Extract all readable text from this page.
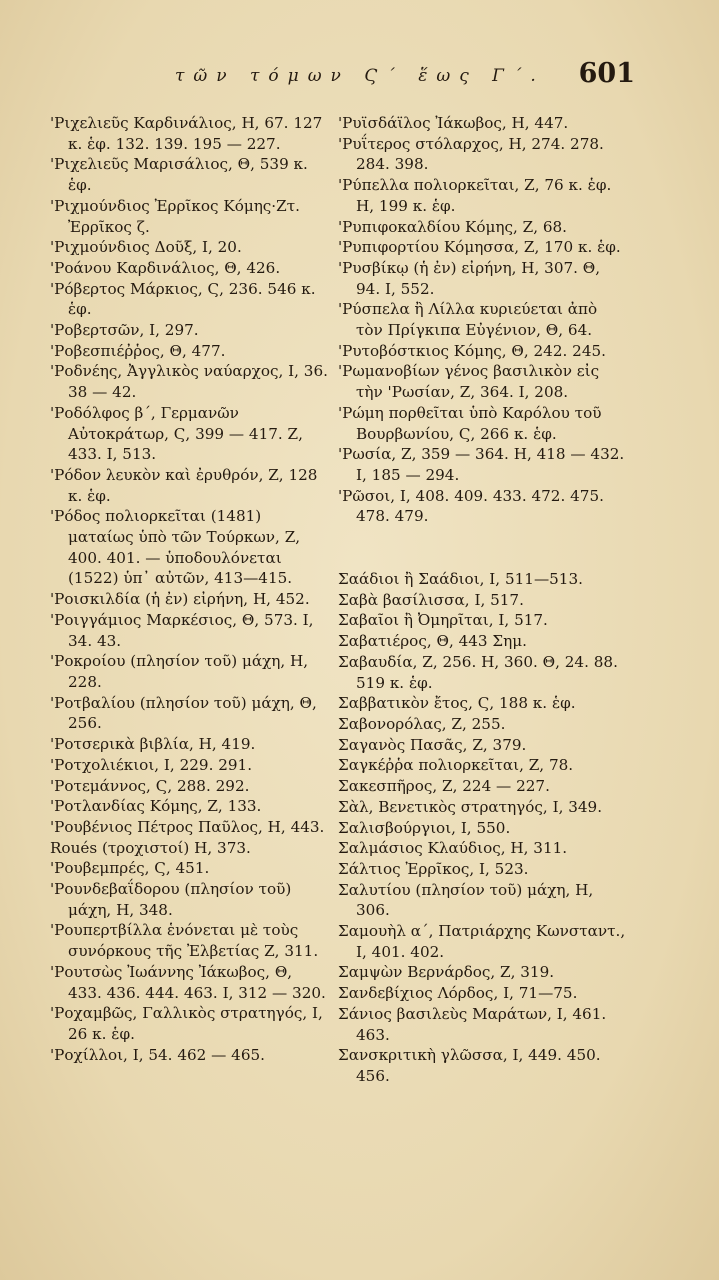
τῶν τόμων Ϛ΄ ἕως Γ΄. 601
'Ριχελιεῦς Καρδινάλιος, Η, 67. 127 κ. ἑφ. 132. 139. 195 — 227.
'Ριχελιεῦς Μαρισάλιος, Θ, 539 κ. ἑφ.
'Ριχμούνδιος Ἐρρῖκος Κόμης·Ζτ. Ἐρρῖκος ζ.
'Ριχμούνδιος Δοῦξ, Ι, 20.
'Ροάνου Καρδινάλιος, Θ, 426.
'Ρόβερτος Μάρκιος, Ϛ, 236. 546 κ. ἑφ.
'Ροβερτσῶν, Ι, 297.
'Ροβεσπιέῤῥος, Θ, 477.
'Ροδνέης, Ἀγγλικὸς ναύαρχος, Ι, 36. 38 — 42.
'Ροδόλφος β΄, Γερμανῶν Αὐτοκράτωρ, Ϛ, 399 — 417. Ζ, 433. Ι, 513.
'Ρόδον λευκὸν καὶ ἐρυθρόν, Ζ, 128 κ. ἑφ.
'Ρόδος πολιορκεῖται (1481) ματαίως ὑπὸ τῶν Τούρκων, Ζ, 400. 401. — ὑποδουλόνεται (1522) ὑπ᾽ αὐτῶν, 413—415.
'Ροισκιλδία (ἡ ἐν) εἰρήνη, Η, 452.
'Ροιγγάμιος Μαρκέσιος, Θ, 573. Ι, 34. 43.
'Ροκροίου (πλησίον τοῦ) μάχη, Η, 228.
'Ροτβαλίου (πλησίον τοῦ) μάχη, Θ, 256.
'Ροτσερικὰ βιβλία, Η, 419.
'Ροτχολιέκιοι, Ι, 229. 291.
'Ροτεμάννος, Ϛ, 288. 292.
'Ροτλανδίας Κόμης, Ζ, 133.
'Ρουβένιος Πέτρος Παῦλος, Η, 443.
Roués (τροχιστοί) Η, 373.
'Ρουβεμπρές, Ϛ, 451.
'Ρουνδεβαΐδορου (πλησίον τοῦ) μάχη, Η, 348.
'Ρουπερτβίλλα ἑνόνεται μὲ τοὺς συνόρκους τῆς Ἐλβετίας Ζ, 311.
'Ρουτσὼς Ἰωάννης Ἰάκωβος, Θ, 433. 436. 444. 463. Ι, 312 — 320.
'Ροχαμβῶς, Γαλλικὸς στρατηγός, Ι, 26 κ. ἑφ.
'Ροχίλλοι, Ι, 54. 462 — 465.
'Ρυϊσδάϊλος Ἰάκωβος, Η, 447.
'Ρυΐτερος στόλαρχος, Η, 274. 278. 284. 398.
'Ρύπελλα πολιορκεῖται, Ζ, 76 κ. ἑφ. Η, 199 κ. ἑφ.
'Ρυπιφοκαλδίου Κόμης, Ζ, 68.
'Ρυπιφορτίου Κόμησσα, Ζ, 170 κ. ἑφ.
'Ρυσβίκῳ (ἡ ἐν) εἰρήνη, Η, 307. Θ, 94. Ι, 552.
'Ρύσπελα ἢ Λίλλα κυριεύεται ἀπὸ τὸν Πρίγκιπα Εὐγένιον, Θ, 64.
'Ρυτοβόστκιος Κόμης, Θ, 242. 245.
'Ρωμανοβίων γένος βασιλικὸν εἰς τὴν 'Ρωσίαν, Ζ, 364. Ι, 208.
'Ρώμη πορθεῖται ὑπὸ Καρόλου τοῦ Βουρβωνίου, Ϛ, 266 κ. ἑφ.
'Ρωσία, Ζ, 359 — 364. Η, 418 — 432. Ι, 185 — 294.
'Ρῶσοι, Ι, 408. 409. 433. 472. 475. 478. 479.
Σαάδιοι ἢ Σαάδιοι, Ι, 511—513.
Σαβὰ βασίλισσα, Ι, 517.
Σαβαῖοι ἢ Ὀμηρῖται, Ι, 517.
Σαβατιέρος, Θ, 443 Σημ.
Σαβαυδία, Ζ, 256. Η, 360. Θ, 24. 88. 519 κ. ἑφ.
Σαββατικὸν ἔτος, Ϛ, 188 κ. ἑφ.
Σαβονορόλας, Ζ, 255.
Σαγανὸς Πασᾶς, Ζ, 379.
Σαγκέῤῥα πολιορκεῖται, Ζ, 78.
Σακεσπῆρος, Ζ, 224 — 227.
Σὰλ, Βενετικὸς στρατηγός, Ι, 349.
Σαλισβούργιοι, Ι, 550.
Σαλμάσιος Κλαύδιος, Η, 311.
Σάλτιος Ἐρρῖκος, Ι, 523.
Σαλυτίου (πλησίον τοῦ) μάχη, Η, 306.
Σαμουὴλ α΄, Πατριάρχης Κωνσταντ., Ι, 401. 402.
Σαμψὼν Βερνάρδος, Ζ, 319.
Σανδεβίχιος Λόρδος, Ι, 71—75.
Σάνιος βασιλεὺς Μαράτων, Ι, 461. 463.
Σανσκριτικὴ γλῶσσα, Ι, 449. 450. 456.
